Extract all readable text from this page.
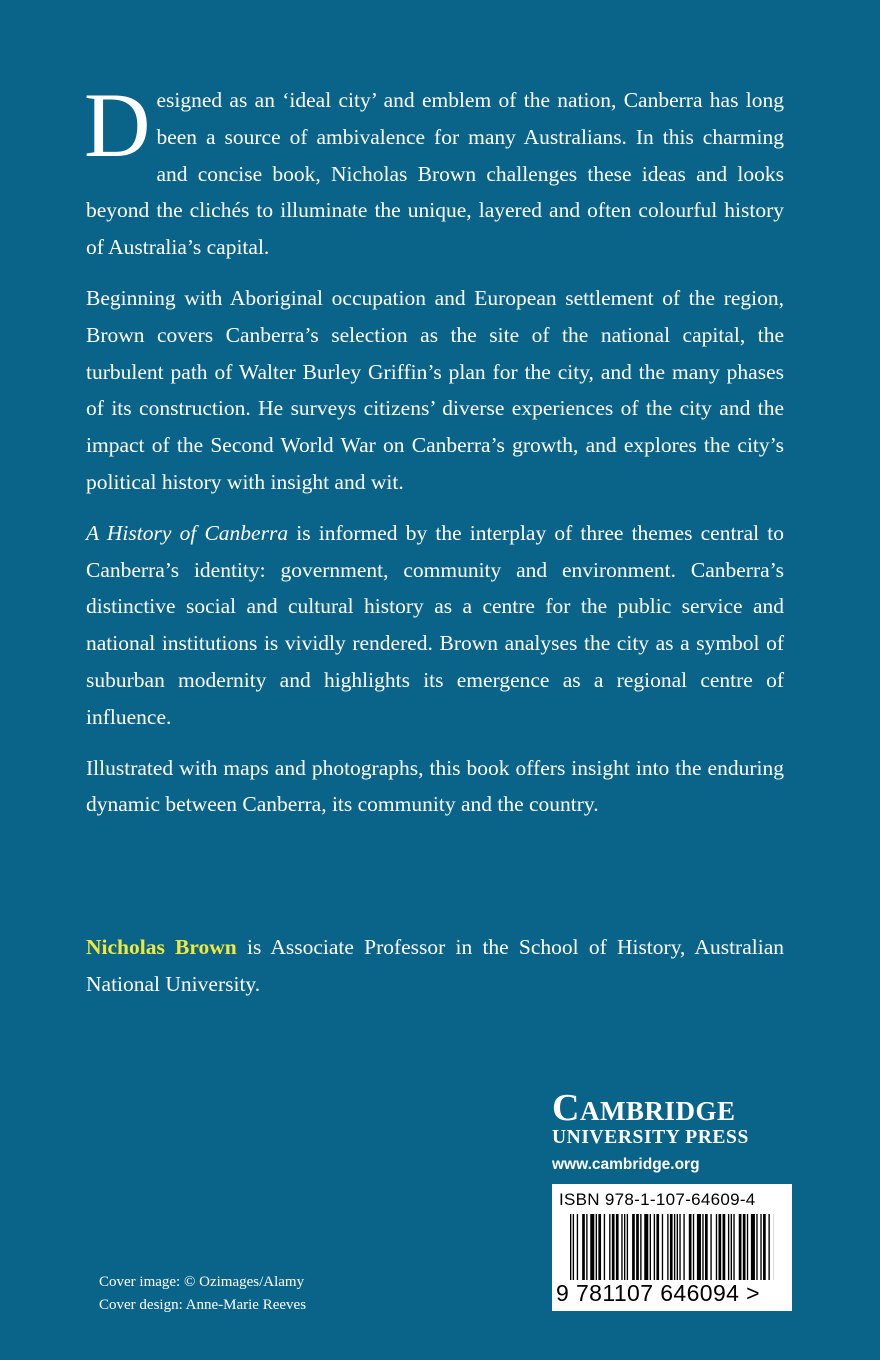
Designed as an ‘ideal city’ and emblem of the nation, Canberra has long been a source of ambivalence for many Australians. In this charming and concise book, Nicholas Brown challenges these ideas and looks beyond the clichés to illuminate the unique, layered and often colourful history of Australia’s capital.

Beginning with Aboriginal occupation and European settlement of the region, Brown covers Canberra’s selection as the site of the national capital, the turbulent path of Walter Burley Griffin’s plan for the city, and the many phases of its construction. He surveys citizens’ diverse experiences of the city and the impact of the Second World War on Canberra’s growth, and explores the city’s political history with insight and wit.

A History of Canberra is informed by the interplay of three themes central to Canberra’s identity: government, community and environment. Canberra’s distinctive social and cultural history as a centre for the public service and national institutions is vividly rendered. Brown analyses the city as a symbol of suburban modernity and highlights its emergence as a regional centre of influence.

Illustrated with maps and photographs, this book offers insight into the enduring dynamic between Canberra, its community and the country.

Nicholas Brown is Associate Professor in the School of History, Australian National University.

Cambridge
UNIVERSITY PRESS
www.cambridge.org
ISBN 978-1-107-64609-4
9 781107 646094 >
Cover image: © Ozimages/Alamy
Cover design: Anne-Marie Reeves
